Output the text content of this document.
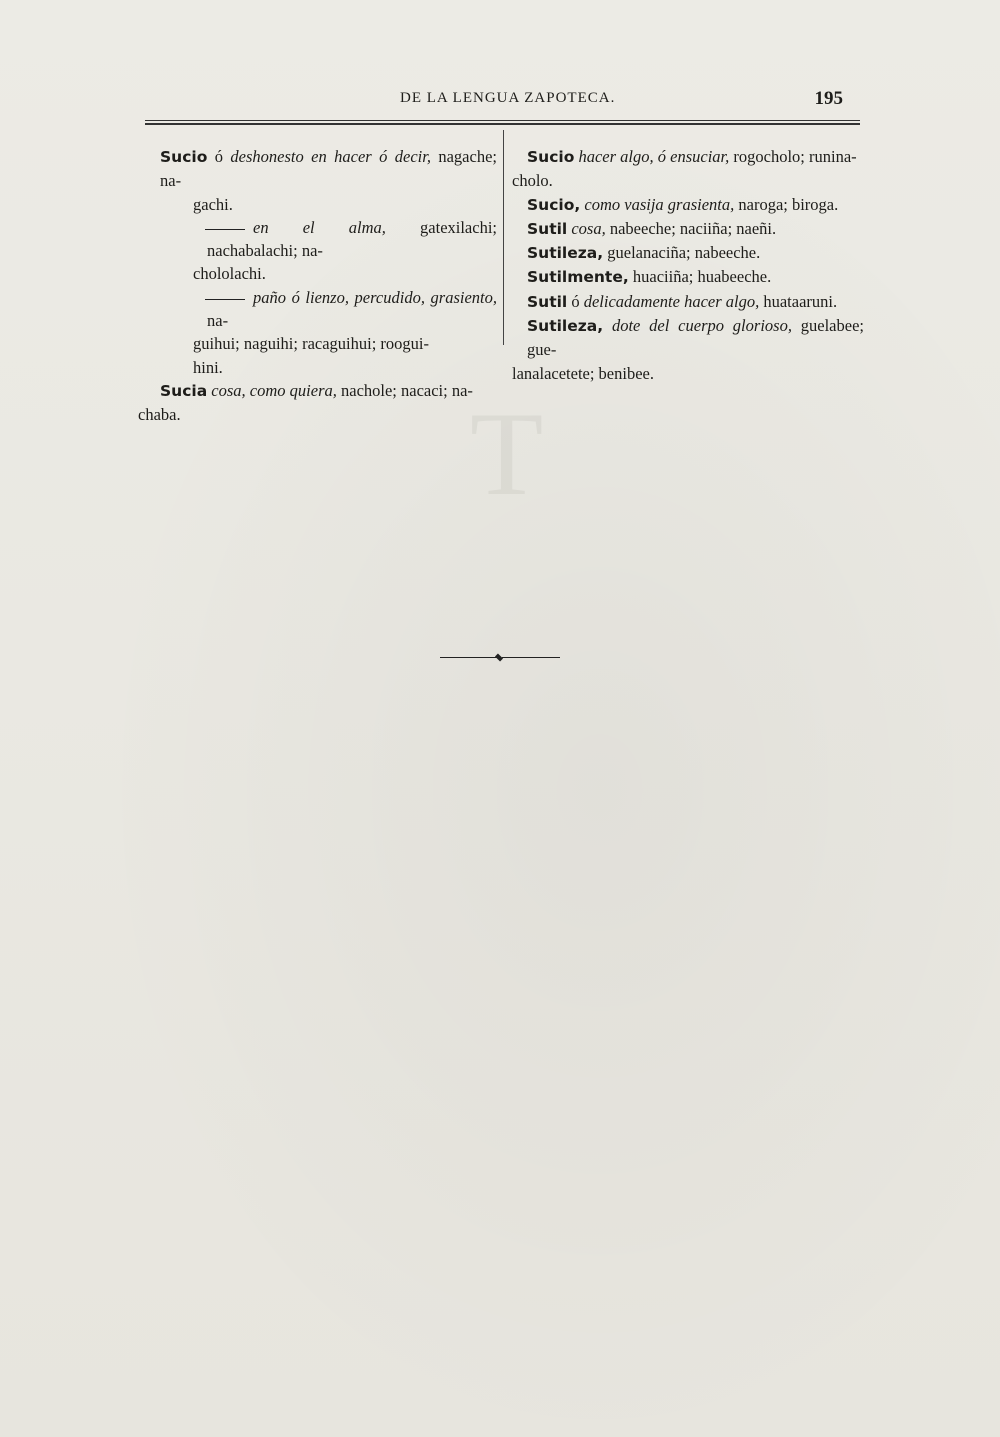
T
DE LA LENGUA ZAPOTECA.	195

Sucio ó deshonesto en hacer ó decir, nagache; na-
gachi.

en el alma, gatexilachi; nachabalachi; na-
chololachi.

paño ó lienzo, percudido, grasiento, na-
guihui; naguihi; racaguihui; roogui-
hini.

Sucia cosa, como quiera, nachole; nacaci; na-
chaba.

Sucio hacer algo, ó ensuciar, rogocholo; runina-
cholo.

Sucio, como vasija grasienta, naroga; biroga.

Sutil cosa, nabeeche; naciiña; naeñi.

Sutileza, guelanaciña; nabeeche.

Sutilmente, huaciiña; huabeeche.

Sutil ó delicadamente hacer algo, huataaruni.

Sutileza, dote del cuerpo glorioso, guelabee; gue-
lanalacetete; benibee.
